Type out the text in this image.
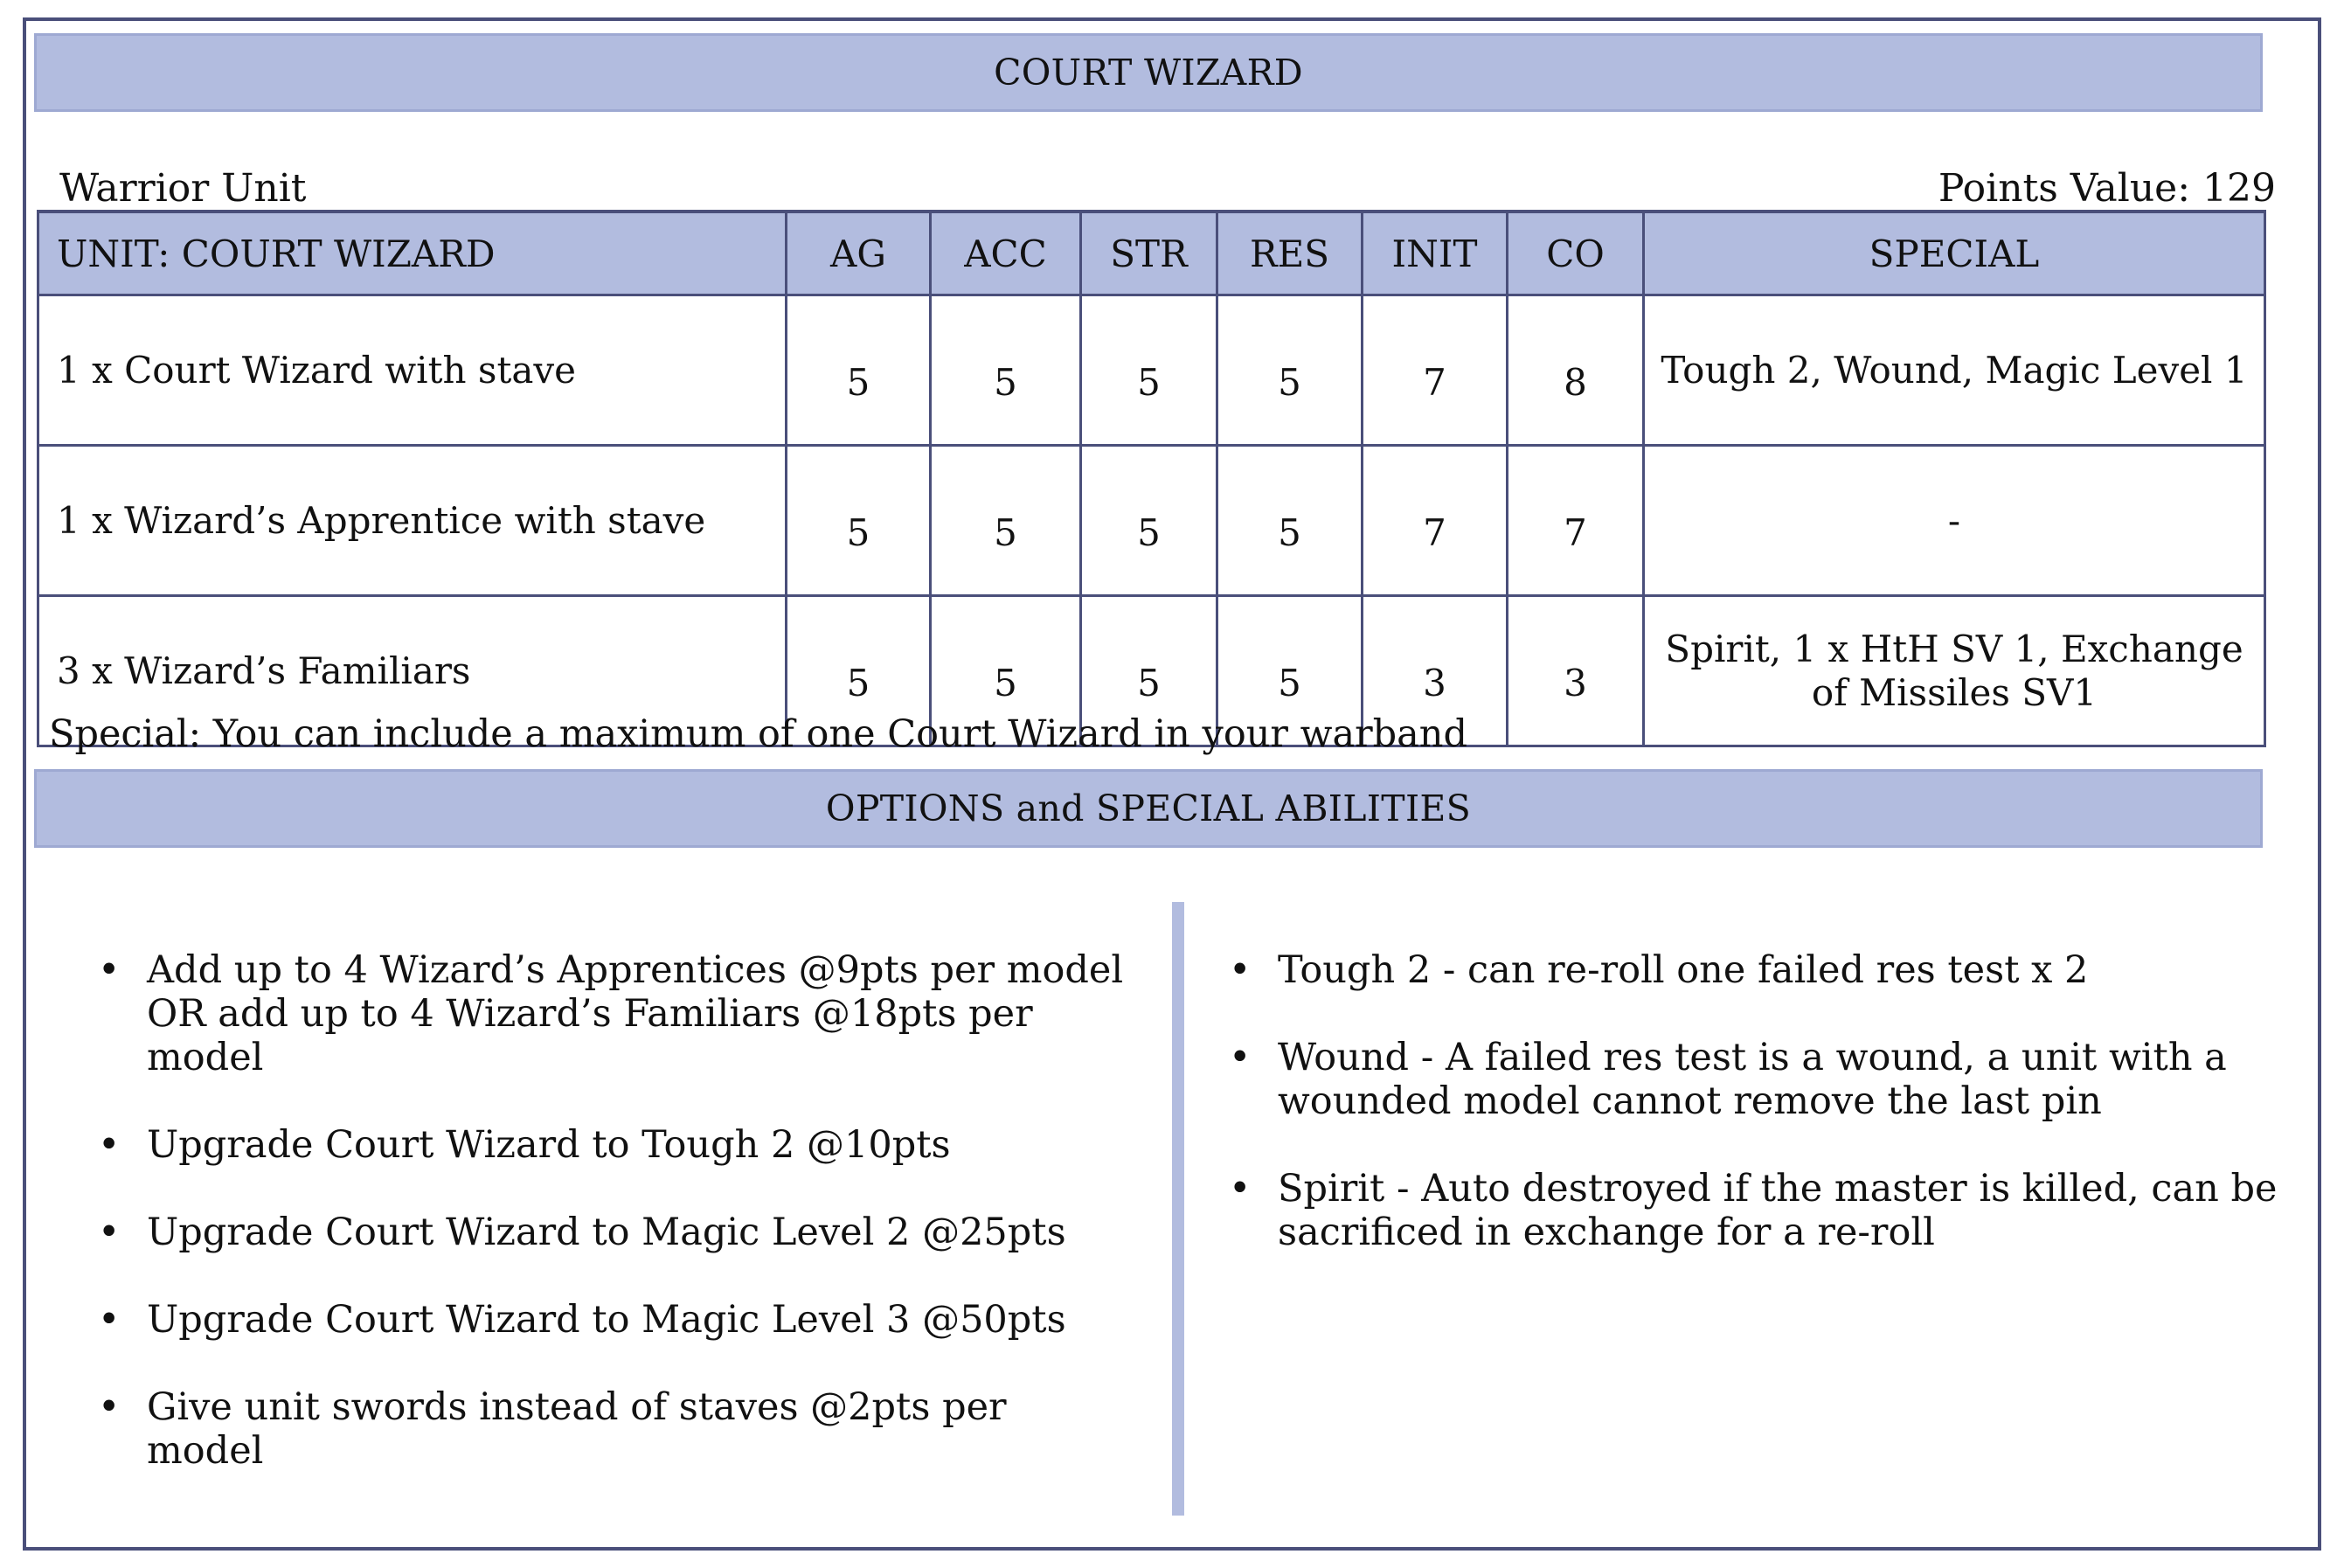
COURT WIZARD
Warrior Unit	Points Value: 129
UNIT: COURT WIZARD	AG	ACC	STR	RES	INIT	CO	SPECIAL
1 x Court Wizard with stave	5	5	5	5	7	8	Tough 2, Wound, Magic Level 1
1 x Wizard’s Apprentice with stave	5	5	5	5	7	7	-
3 x Wizard’s Familiars	5	5	5	5	3	3	Spirit, 1 x HtH SV 1, Exchange of Missiles SV1
Special: You can include a maximum of one Court Wizard in your warband
OPTIONS and SPECIAL ABILITIES
• Add up to 4 Wizard’s Apprentices @9pts per model OR add up to 4 Wizard’s Familiars @18pts per model
• Upgrade Court Wizard to Tough 2 @10pts
• Upgrade Court Wizard to Magic Level 2 @25pts
• Upgrade Court Wizard to Magic Level 3 @50pts
• Give unit swords instead of staves @2pts per model
• Tough 2 - can re-roll one failed res test x 2
• Wound - A failed res test is a wound, a unit with a wounded model cannot remove the last pin
• Spirit - Auto destroyed if the master is killed, can be sacrificed in exchange for a re-roll
